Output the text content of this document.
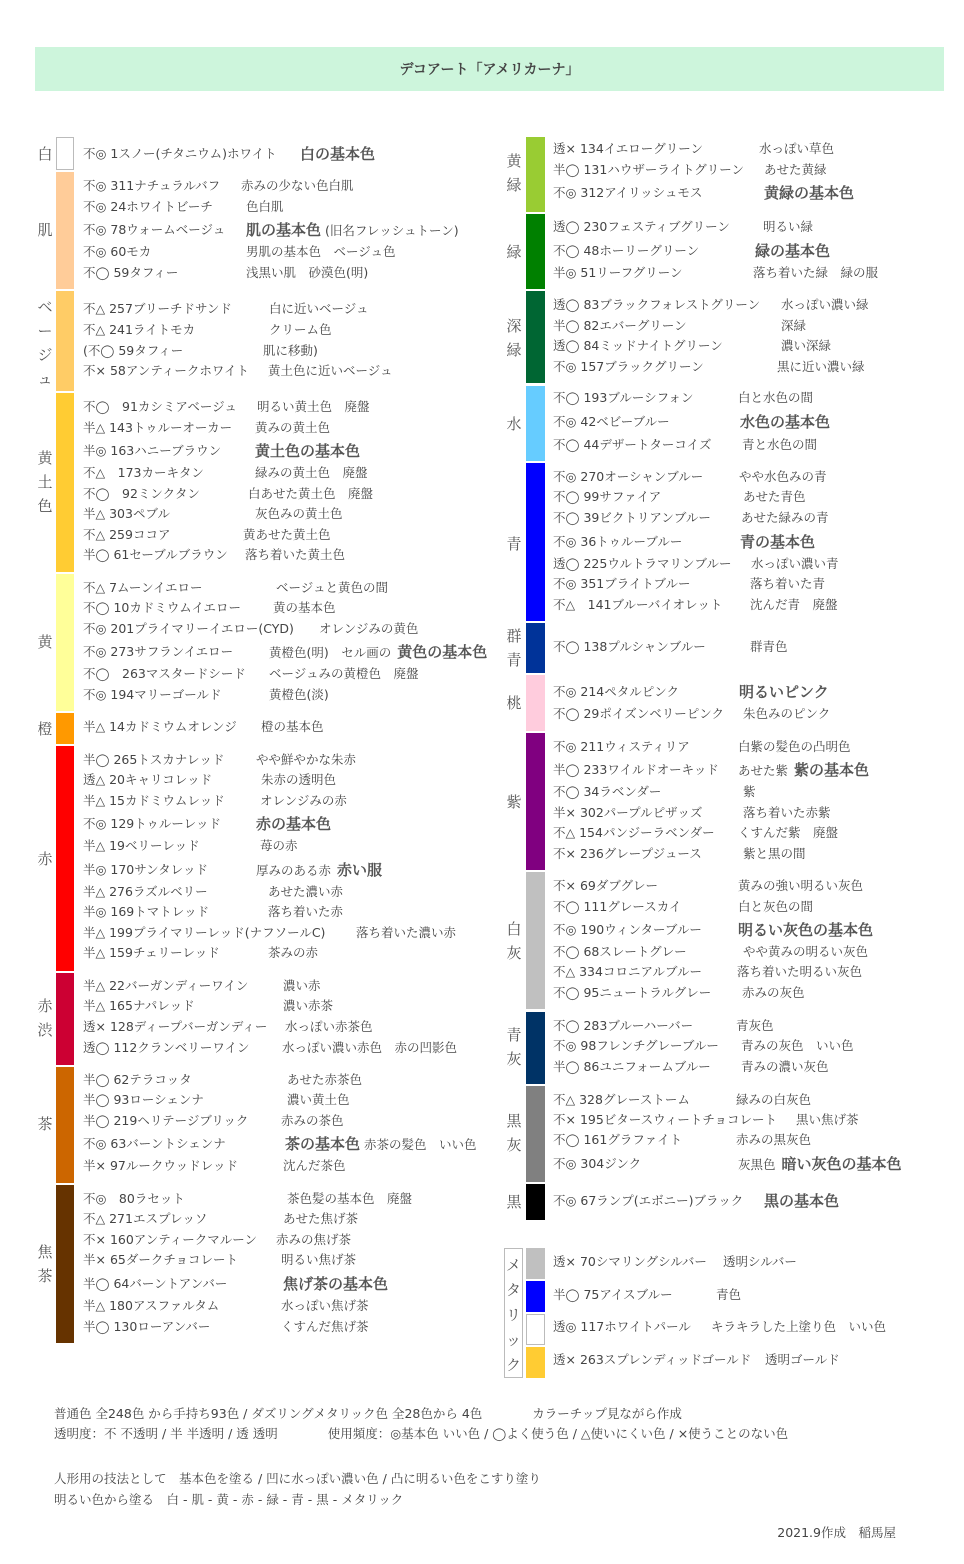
デコアート「アメリカーナ」
白 不◎ 1スノー(チタニウム)ホワイト 白の基本色
肌
不◎ 311ナチュラルバフ 赤みの少ない色白肌
不◎ 24ホワイトビーチ	色白肌
不◎ 78ウォームベージュ 肌の基本色 (旧名フレッシュトーン)
不◎ 60モカ	男肌の基本色　ベージュ色
不◯ 59タフィー	浅黒い肌　砂漠色(明)
ベージュ
不△ 257ブリーチドサンド	白に近いベージュ
不△ 241ライトモカ	クリーム色
(不◯ 59タフィー	肌に移動)
不× 58アンティークホワイト 黄土色に近いベージュ
黄土色
不◯　91カシミアベージュ 明るい黄土色　廃盤
半△ 143トゥルーオーカー 黄みの黄土色
半◎ 163ハニーブラウン 黄土色の基本色
不△　173カーキタン	緑みの黄土色　廃盤
不◯　92ミンクタン	白あせた黄土色　廃盤
半△ 303ペブル	灰色みの黄土色
不△ 259ココア	黄あせた黄土色
半◯ 61セーブルブラウン 落ち着いた黄土色
黄
不△ 7ムーンイエロー	ベージュと黄色の間
不◯ 10カドミウムイエロー	黄の基本色
不◎ 201プライマリーイエロー(CYD) オレンジみの黄色
不◎ 273サフランイエロー	黄橙色(明)　セル画の 黄色の基本色
不◯　263マスタードシード ベージュみの黄橙色　廃盤
不◎ 194マリーゴールド	黄橙色(淡)
橙 半△ 14カドミウムオレンジ 橙の基本色
赤
半◯ 265トスカナレッド	やや鮮やかな朱赤
透△ 20キャリコレッド	朱赤の透明色
半△ 15カドミウムレッド	オレンジみの赤
不◎ 129トゥルーレッド 赤の基本色
半△ 19ベリーレッド	苺の赤
半◎ 170サンタレッド	厚みのある赤 赤い服
半△ 276ラズルベリー	あせた濃い赤
半◎ 169トマトレッド	落ち着いた赤
半△ 199プライマリーレッド(ナフソールC) 落ち着いた濃い赤
半△ 159チェリーレッド	茶みの赤
赤渋
半△ 22バーガンディーワイン	濃い赤
半△ 165ナパレッド	濃い赤茶
透× 128ディープバーガンディー 水っぽい赤茶色
透◯ 112クランベリーワイン	水っぽい濃い赤色　赤の凹影色
茶
半◯ 62テラコッタ	あせた赤茶色
半◯ 93ローシェンナ	濃い黄土色
半◯ 219ヘリテージブリック	赤みの茶色
不◎ 63バーントシェンナ	茶の基本色 赤茶の髪色　いい色
半× 97ルークウッドレッド	沈んだ茶色
焦茶
不◎　80ラセット	茶色髪の基本色　廃盤
不△ 271エスプレッソ	あせた焦げ茶
不× 160アンティークマルーン 赤みの焦げ茶
半× 65ダークチョコレート	明るい焦げ茶
半◯ 64バーントアンバー	焦げ茶の基本色
半△ 180アスファルタム	水っぽい焦げ茶
半◯ 130ローアンバー	くすんだ焦げ茶
黄緑
透× 134イエローグリーン	水っぽい草色
半◯ 131ハウザーライトグリーン あせた黄緑
不◎ 312アイリッシュモス	黄緑の基本色
緑
透◯ 230フェスティブグリーン	明るい緑
不◯ 48ホーリーグリーン	緑の基本色
半◎ 51リーフグリーン	落ち着いた緑　緑の服
深緑
透◯ 83ブラックフォレストグリーン 水っぽい濃い緑
半◯ 82エバーグリーン	深緑
透◯ 84ミッドナイトグリーン	濃い深緑
不◎ 157ブラックグリーン	黒に近い濃い緑
水
不◯ 193ブルーシフォン	白と水色の間
不◎ 42ベビーブルー	水色の基本色
不◯ 44デザートターコイズ 青と水色の間
青
不◎ 270オーシャンブルー	やや水色みの青
不◯ 99サファイア	あせた青色
不◯ 39ビクトリアンブルー あせた緑みの青
不◎ 36トゥルーブルー	青の基本色
透◯ 225ウルトラマリンブルー 水っぽい濃い青
不◎ 351ブライトブルー	落ち着いた青
不△　141ブルーバイオレット 沈んだ青　廃盤
群青
不◯ 138プルシャンブルー	群青色
桃
不◎ 214ペタルピンク	明るいピンク
不◯ 29ポイズンベリーピンク 朱色みのピンク
紫
不◎ 211ウィスティリア	白紫の髪色の凸明色
半◯ 233ワイルドオーキッド あせた紫 紫の基本色
不◯ 34ラベンダー	紫
半× 302パープルピザッズ	落ち着いた赤紫
不△ 154パンジーラベンダー くすんだ紫　廃盤
不× 236グレープジュース	紫と黒の間
白灰
不× 69ダブグレー	黄みの強い明るい灰色
不◯ 111グレースカイ	白と灰色の間
不◎ 190ウィンターブルー 明るい灰色の基本色
不◯ 68スレートグレー	やや黄みの明るい灰色
不△ 334コロニアルブルー	落ち着いた明るい灰色
不◯ 95ニュートラルグレー 赤みの灰色
青灰
不◯ 283ブルーハーバー	青灰色
不◎ 98フレンチグレーブルー 青みの灰色　いい色
半◯ 86ユニフォームブルー 青みの濃い灰色
黒灰
不△ 328グレーストーム	緑みの白灰色
不× 195ビタースウィートチョコレート 黒い焦げ茶
不◯ 161グラファイト	赤みの黒灰色
不◎ 304ジンク	灰黒色 暗い灰色の基本色
黒	不◎ 67ランプ(エボニー)ブラック 黒の基本色
メタリック
透× 70シマリングシルバー 透明シルバー
半◯ 75アイスブルー	青色
透◎ 117ホワイトパール キラキラした上塗り色　いい色
透× 263スプレンディッドゴールド 透明ゴールド
普通色 全248色 から手持ち93色 / ダズリングメタリック色 全28色から 4色　　　　カラーチップ見ながら作成
透明度：不 不透明 / 半 半透明 / 透 透明　　　　使用頻度：◎基本色 いい色 / ◯よく使う色 / △使いにくい色 / ×使うことのない色
人形用の技法として　基本色を塗る / 凹に水っぽい濃い色 / 凸に明るい色をこすり塗り
明るい色から塗る　白 - 肌 - 黄 - 赤 - 緑 - 青 - 黒 - メタリック
2021.9作成　稲馬屋
